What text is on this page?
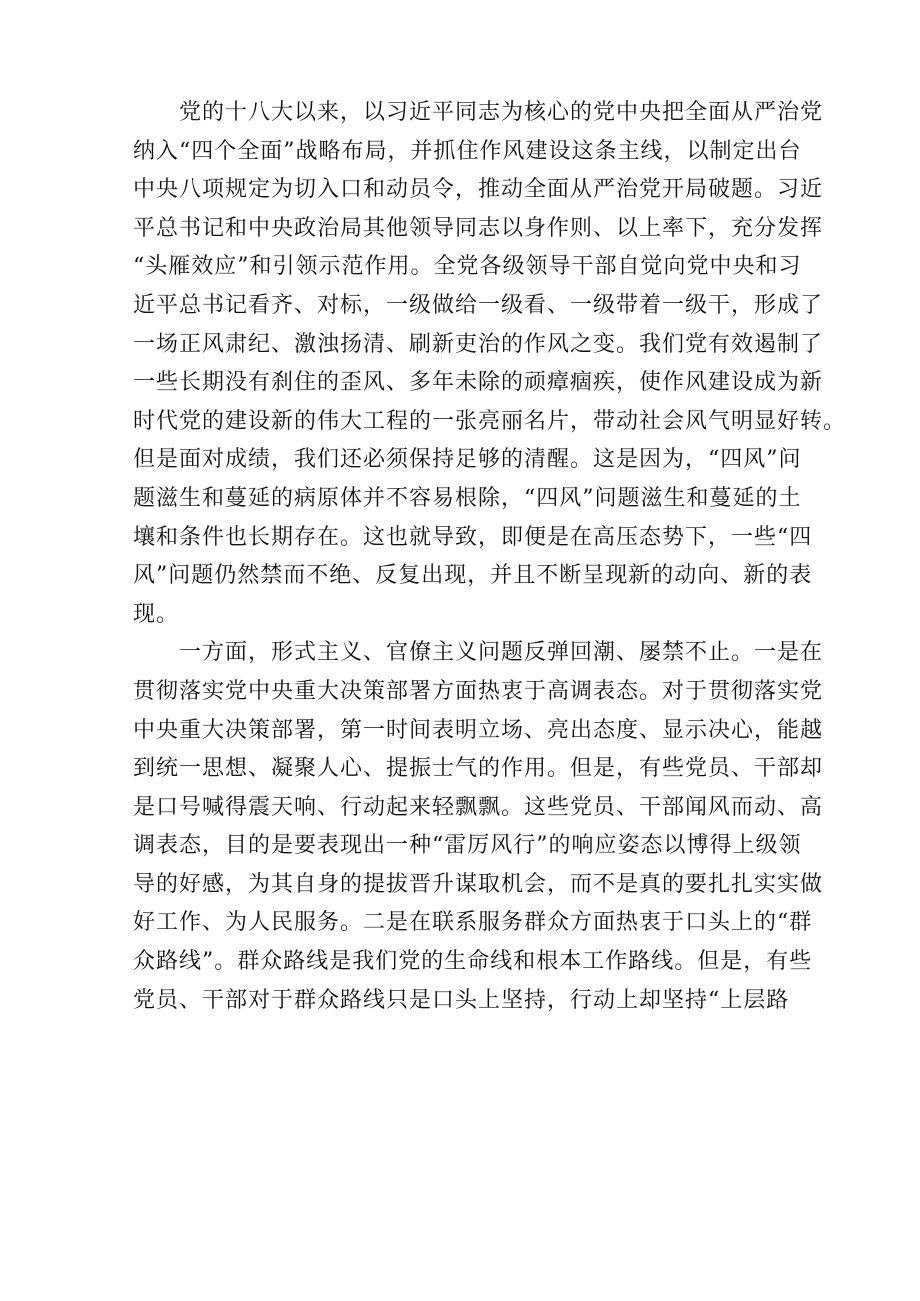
　　党的十八大以来，以习近平同志为核心的党中央把全面从严治党
纳入“四个全面”战略布局，并抓住作风建设这条主线，以制定出台
中央八项规定为切入口和动员令，推动全面从严治党开局破题。习近
平总书记和中央政治局其他领导同志以身作则、以上率下，充分发挥
“头雁效应”和引领示范作用。全党各级领导干部自觉向党中央和习
近平总书记看齐、对标，一级做给一级看、一级带着一级干，形成了
一场正风肃纪、激浊扬清、刷新吏治的作风之变。我们党有效遏制了
一些长期没有刹住的歪风、多年未除的顽瘴痼疾，使作风建设成为新
时代党的建设新的伟大工程的一张亮丽名片，带动社会风气明显好转。
但是面对成绩，我们还必须保持足够的清醒。这是因为，“四风”问
题滋生和蔓延的病原体并不容易根除，“四风”问题滋生和蔓延的土
壤和条件也长期存在。这也就导致，即便是在高压态势下，一些“四
风”问题仍然禁而不绝、反复出现，并且不断呈现新的动向、新的表
现。
　　一方面，形式主义、官僚主义问题反弹回潮、屡禁不止。一是在
贯彻落实党中央重大决策部署方面热衷于高调表态。对于贯彻落实党
中央重大决策部署，第一时间表明立场、亮出态度、显示决心，能越
到统一思想、凝聚人心、提振士气的作用。但是，有些党员、干部却
是口号喊得震天响、行动起来轻飘飘。这些党员、干部闻风而动、高
调表态，目的是要表现出一种“雷厉风行”的响应姿态以博得上级领
导的好感，为其自身的提拔晋升谋取机会，而不是真的要扎扎实实做
好工作、为人民服务。二是在联系服务群众方面热衷于口头上的“群
众路线”。群众路线是我们党的生命线和根本工作路线。但是，有些
党员、干部对于群众路线只是口头上坚持，行动上却坚持“上层路
